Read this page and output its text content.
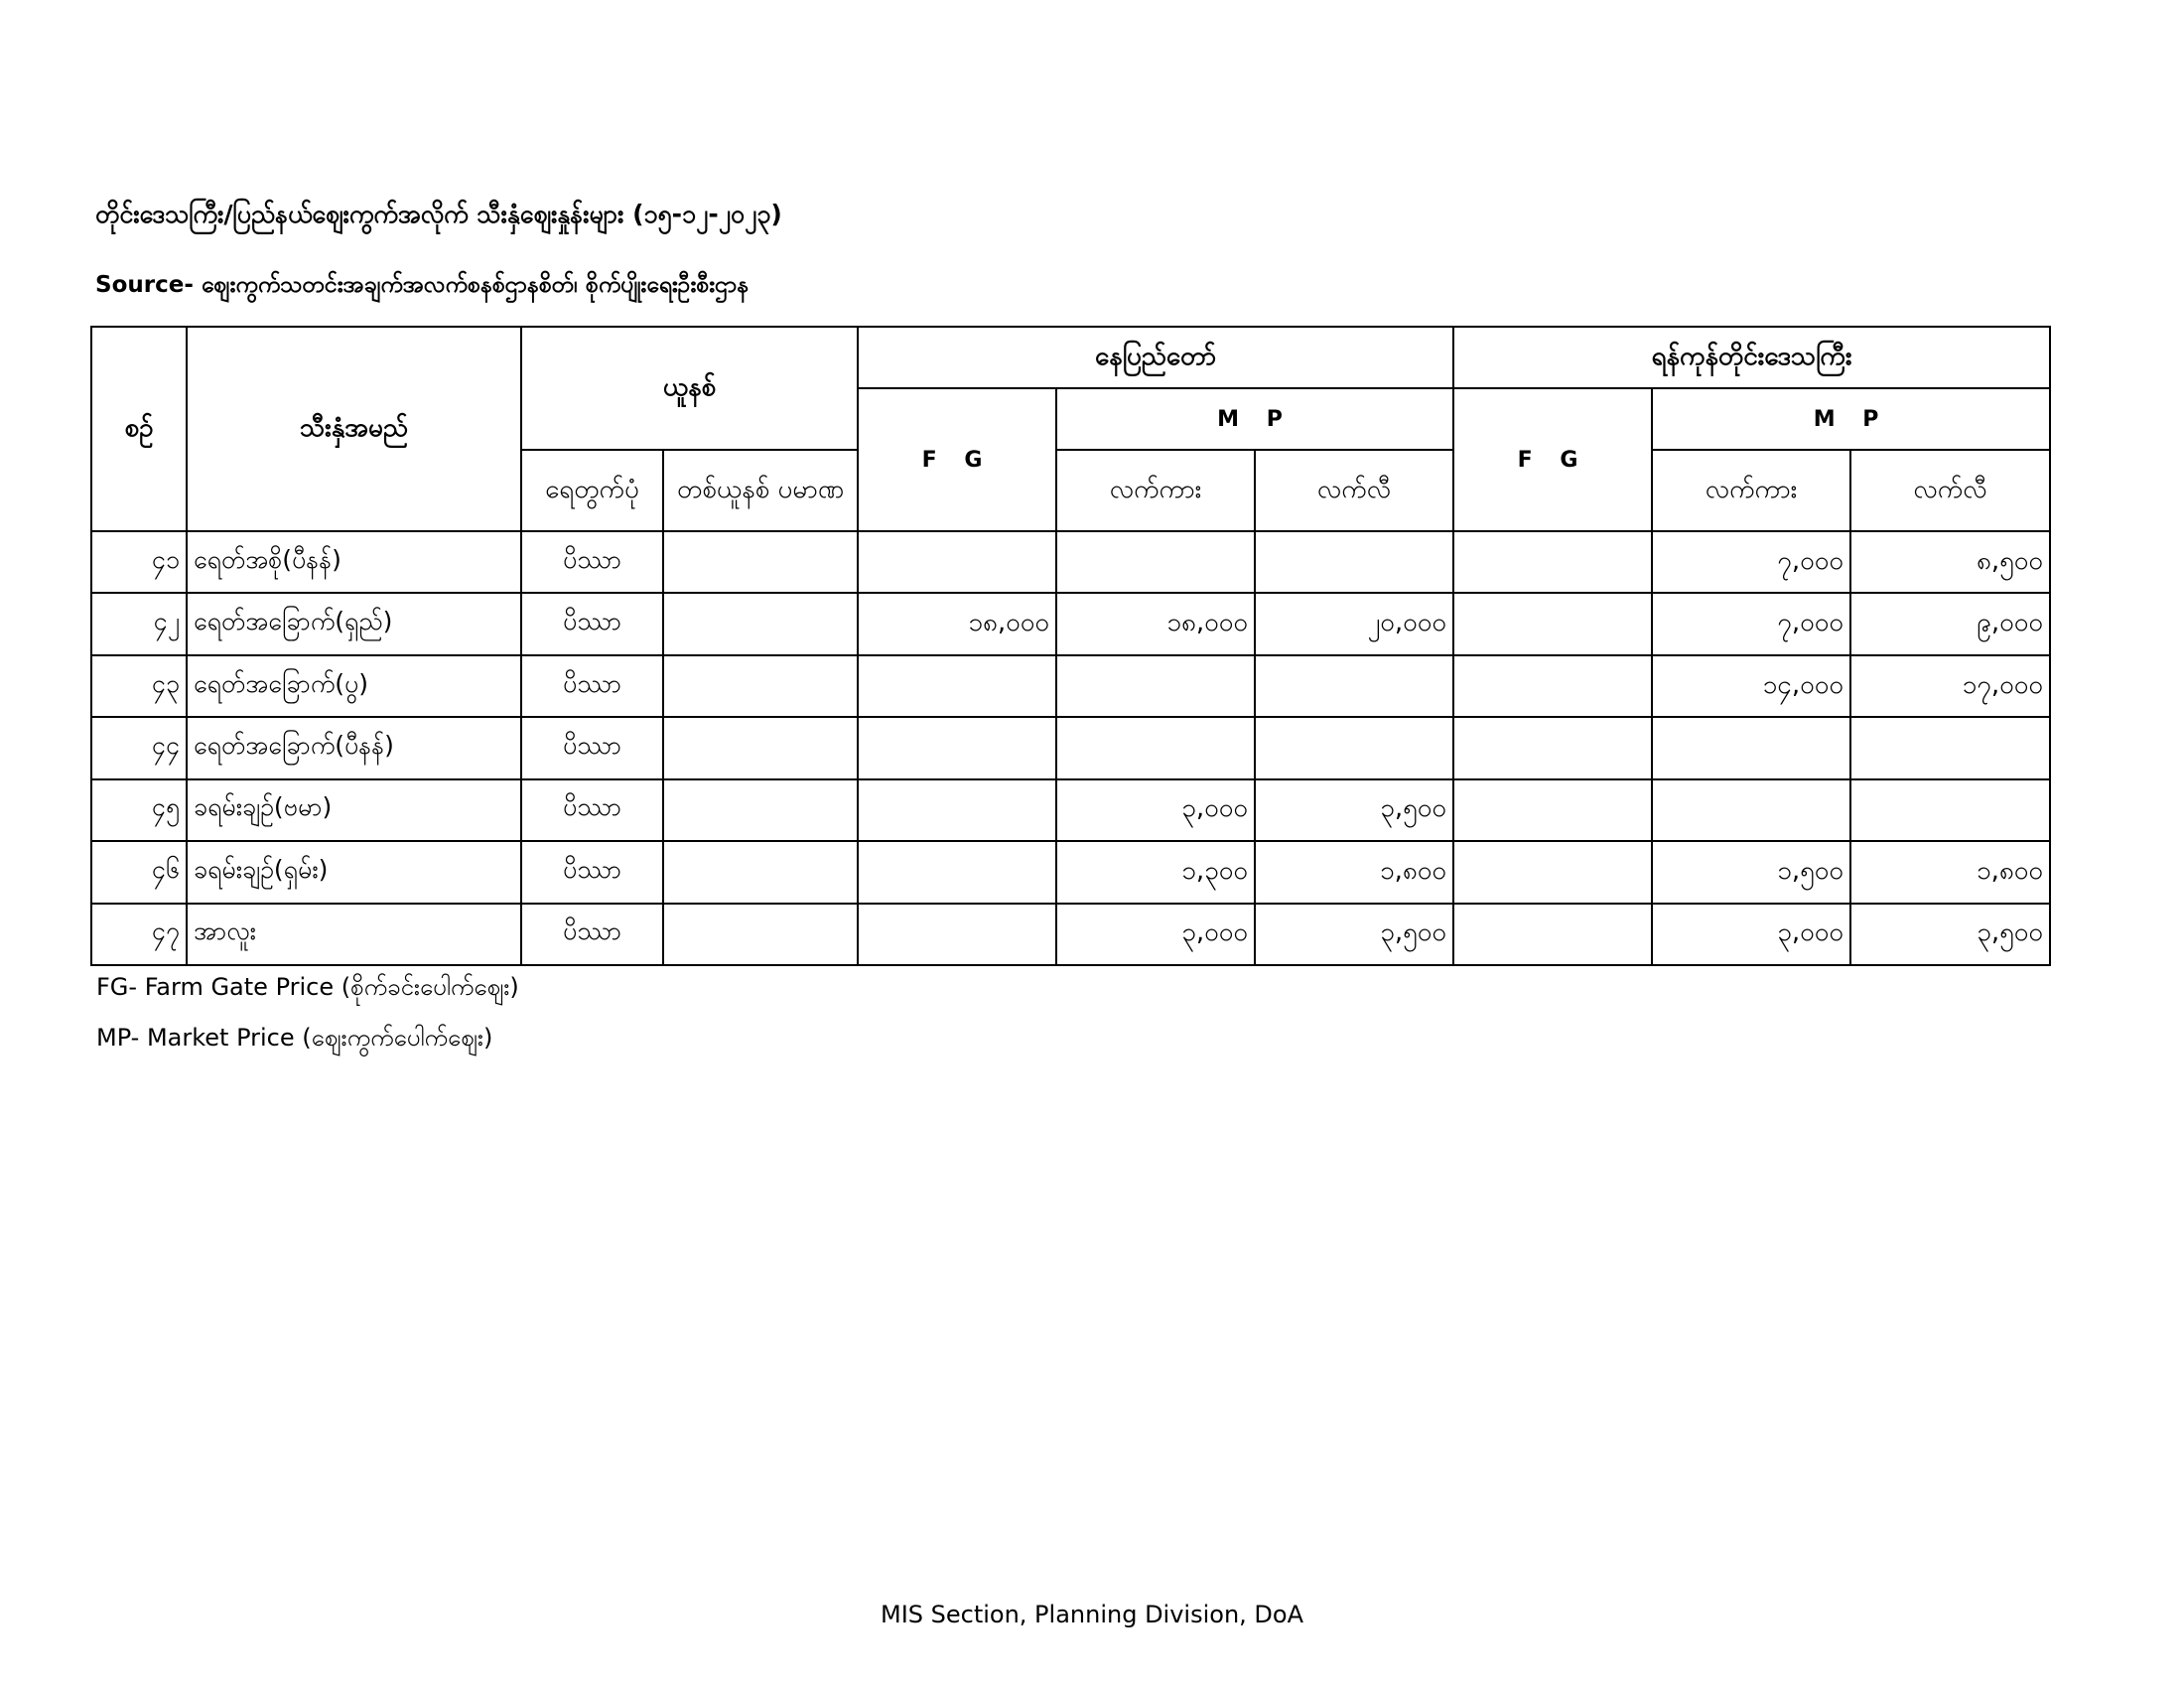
တိုင်းဒေသကြီး/ပြည်နယ်ဈေးကွက်အလိုက် သီးနှံဈေးနှုန်းများ (၁၅-၁၂-၂၀၂၃)
Source- ဈေးကွက်သတင်းအချက်အလက်စနစ်ဌာနစိတ်၊ စိုက်ပျိုးရေးဦးစီးဌာန
စဉ်	သီးနှံအမည်	ယူနစ်		နေပြည်တော်			ရန်ကုန်တိုင်းဒေသကြီး		
				F G	M P		F G	M P	
		ရေတွက်ပုံ	တစ်ယူနစ် ပမာဏ		လက်ကား	လက်လီ		လက်ကား	လက်လီ
၄၁	ရေတ်အစို(ပီနန်)	ပိဿာ						၇,၀၀၀	၈,၅၀၀
၄၂	ရေတ်အခြောက်(ရှည်)	ပိဿာ		၁၈,၀၀၀	၁၈,၀၀၀	၂၀,၀၀၀		၇,၀၀၀	၉,၀၀၀
၄၃	ရေတ်အခြောက်(ပွ)	ပိဿာ						၁၄,၀၀၀	၁၇,၀၀၀
၄၄	ရေတ်အခြောက်(ပီနန်)	ပိဿာ							
၄၅	ခရမ်းချဉ်(ဗမာ)	ပိဿာ			၃,၀၀၀	၃,၅၀၀			
၄၆	ခရမ်းချဉ်(ရှမ်း)	ပိဿာ			၁,၃၀၀	၁,၈၀၀		၁,၅၀၀	၁,၈၀၀
၄၇	အာလူး	ပိဿာ			၃,၀၀၀	၃,၅၀၀		၃,၀၀၀	၃,၅၀၀
FG- Farm Gate Price (စိုက်ခင်းပေါက်ဈေး)
MP- Market Price (ဈေးကွက်ပေါက်ဈေး)
MIS Section, Planning Division, DoA
